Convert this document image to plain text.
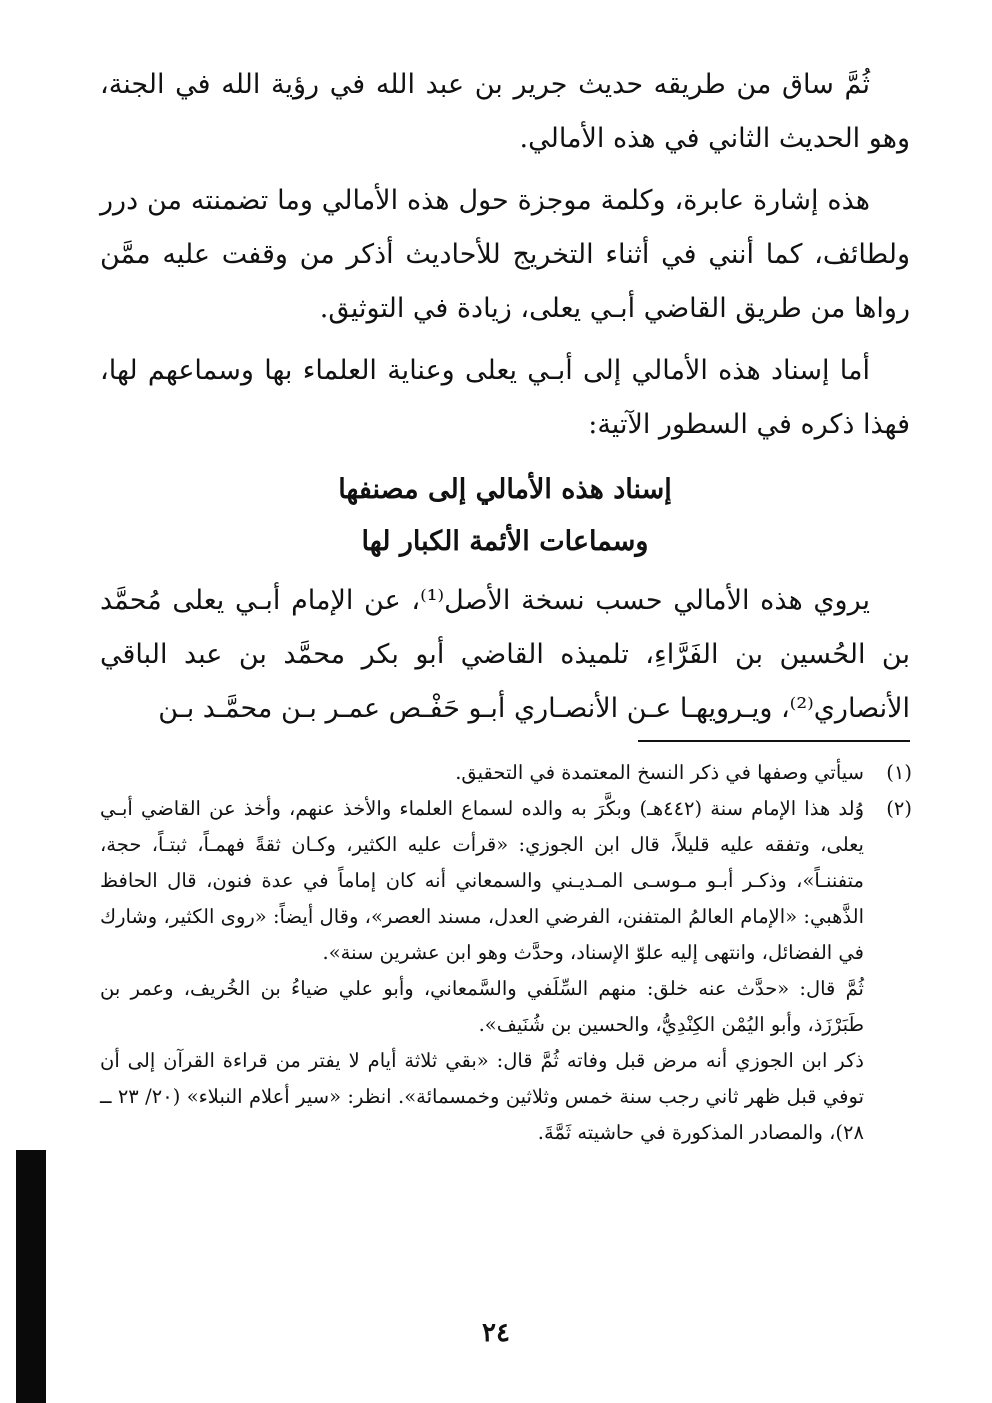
ثُمَّ ساق من طريقه حديث جرير بن عبد الله في رؤية الله في الجنة، وهو الحديث الثاني في هذه الأمالي.

هذه إشارة عابرة، وكلمة موجزة حول هذه الأمالي وما تضمنته من درر ولطائف، كما أنني في أثناء التخريج للأحاديث أذكر من وقفت عليه ممَّن رواها من طريق القاضي أبـي يعلى، زيادة في التوثيق.

أما إسناد هذه الأمالي إلى أبـي يعلى وعناية العلماء بها وسماعهم لها، فهذا ذكره في السطور الآتية:

إسناد هذه الأمالي إلى مصنفها
وسماعات الأئمة الكبار لها

يروي هذه الأمالي حسب نسخة الأصل⁽¹⁾، عن الإمام أبـي يعلى مُحمَّد بن الحُسين بن الفَرَّاءِ، تلميذه القاضي أبو بكر محمَّد بن عبد الباقي الأنصاري⁽²⁾، ويـرويهـا عـن الأنصـاري أبـو حَفْـص عمـر بـن محمَّـد بـن

(١)
سيأتي وصفها في ذكر النسخ المعتمدة في التحقيق.
(٢)
وُلد هذا الإمام سنة (٤٤٢هـ) وبكَّرَ به والده لسماع العلماء والأخذ عنهم، وأخذ عن القاضي أبـي يعلى، وتفقه عليه قليلاً، قال ابن الجوزي: «قرأت عليه الكثير، وكـان ثقةً فهمـاً، ثبتـاً، حجة، متفننـاً»، وذكـر أبـو مـوسـى المـديـني والسمعاني أنه كان إماماً في عدة فنون، قال الحافظ الذَّهبي: «الإمام العالمُ المتفنن، الفرضي العدل، مسند العصر»، وقال أيضاً: «روى الكثير، وشارك في الفضائل، وانتهى إليه علوّ الإسناد، وحدَّث وهو ابن عشرين سنة».

ثُمَّ قال: «حدَّث عنه خلق: منهم السِّلَفي والسَّمعاني، وأبو علي ضياءُ بن الخُريف، وعمر بن طَبَرْزَذ، وأبو اليُمْن الكِنْدِيُّ، والحسين بن شُنَيف».

ذكر ابن الجوزي أنه مرض قبل وفاته ثُمَّ قال: «بقي ثلاثة أيام لا يفتر من قراءة القرآن إلى أن توفي قبل ظهر ثاني رجب سنة خمس وثلاثين وخمسمائة». انظر: «سير أعلام النبلاء» (٢٠/ ٢٣ ــ ٢٨)، والمصادر المذكورة في حاشيته ثَمَّةَ.

٢٤
